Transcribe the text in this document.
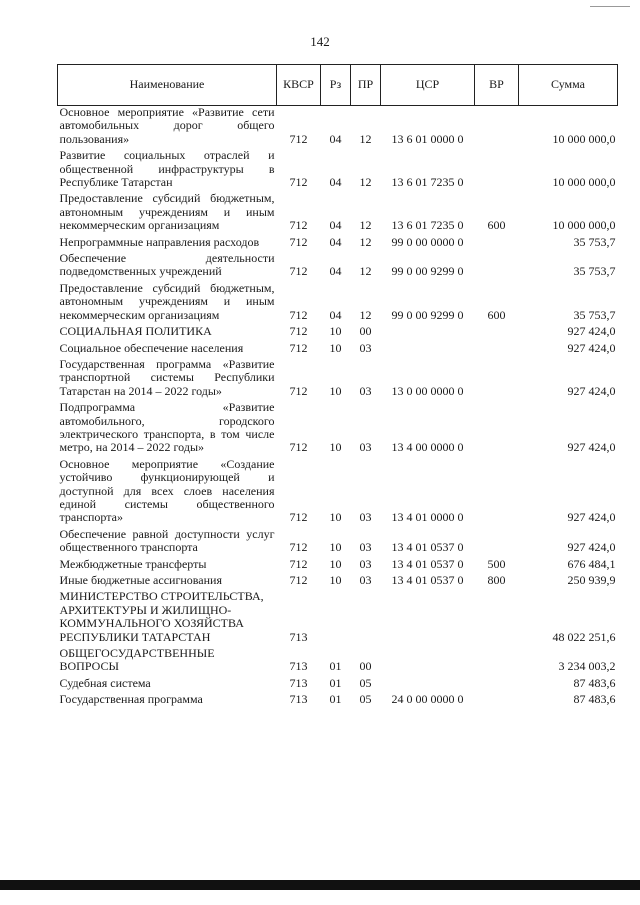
142
Наименование	КВСР	Рз	ПР	ЦСР	ВР	Сумма
Основное мероприятие «Развитие сети автомобильных дорог общего пользования»	712	04	12	13 6 01 0000 0		10 000 000,0
Развитие социальных отраслей и общественной инфраструктуры в Республике Татарстан	712	04	12	13 6 01 7235 0		10 000 000,0
Предоставление субсидий бюджетным, автономным учреждениям и иным некоммерческим организациям	712	04	12	13 6 01 7235 0	600	10 000 000,0
Непрограммные направления расходов	712	04	12	99 0 00 0000 0		35 753,7
Обеспечение деятельности подведомственных учреждений	712	04	12	99 0 00 9299 0		35 753,7
Предоставление субсидий бюджетным, автономным учреждениям и иным некоммерческим организациям	712	04	12	99 0 00 9299 0	600	35 753,7
СОЦИАЛЬНАЯ ПОЛИТИКА	712	10	00			927 424,0
Социальное обеспечение населения	712	10	03			927 424,0
Государственная программа «Развитие транспортной системы Республики Татарстан на 2014 – 2022 годы»	712	10	03	13 0 00 0000 0		927 424,0
Подпрограмма «Развитие автомобильного, городского электрического транспорта, в том числе метро, на 2014 – 2022 годы»	712	10	03	13 4 00 0000 0		927 424,0
Основное мероприятие «Создание устойчиво функционирующей и доступной для всех слоев населения единой системы общественного транспорта»	712	10	03	13 4 01 0000 0		927 424,0
Обеспечение равной доступности услуг общественного транспорта	712	10	03	13 4 01 0537 0		927 424,0
Межбюджетные трансферты	712	10	03	13 4 01 0537 0	500	676 484,1
Иные бюджетные ассигнования	712	10	03	13 4 01 0537 0	800	250 939,9
МИНИСТЕРСТВО СТРОИТЕЛЬСТВА, АРХИТЕКТУРЫ И ЖИЛИЩНО-КОММУНАЛЬНОГО ХОЗЯЙСТВА РЕСПУБЛИКИ ТАТАРСТАН	713					48 022 251,6
ОБЩЕГОСУДАРСТВЕННЫЕ ВОПРОСЫ	713	01	00			3 234 003,2
Судебная система	713	01	05			87 483,6
Государственная программа	713	01	05	24 0 00 0000 0		87 483,6
